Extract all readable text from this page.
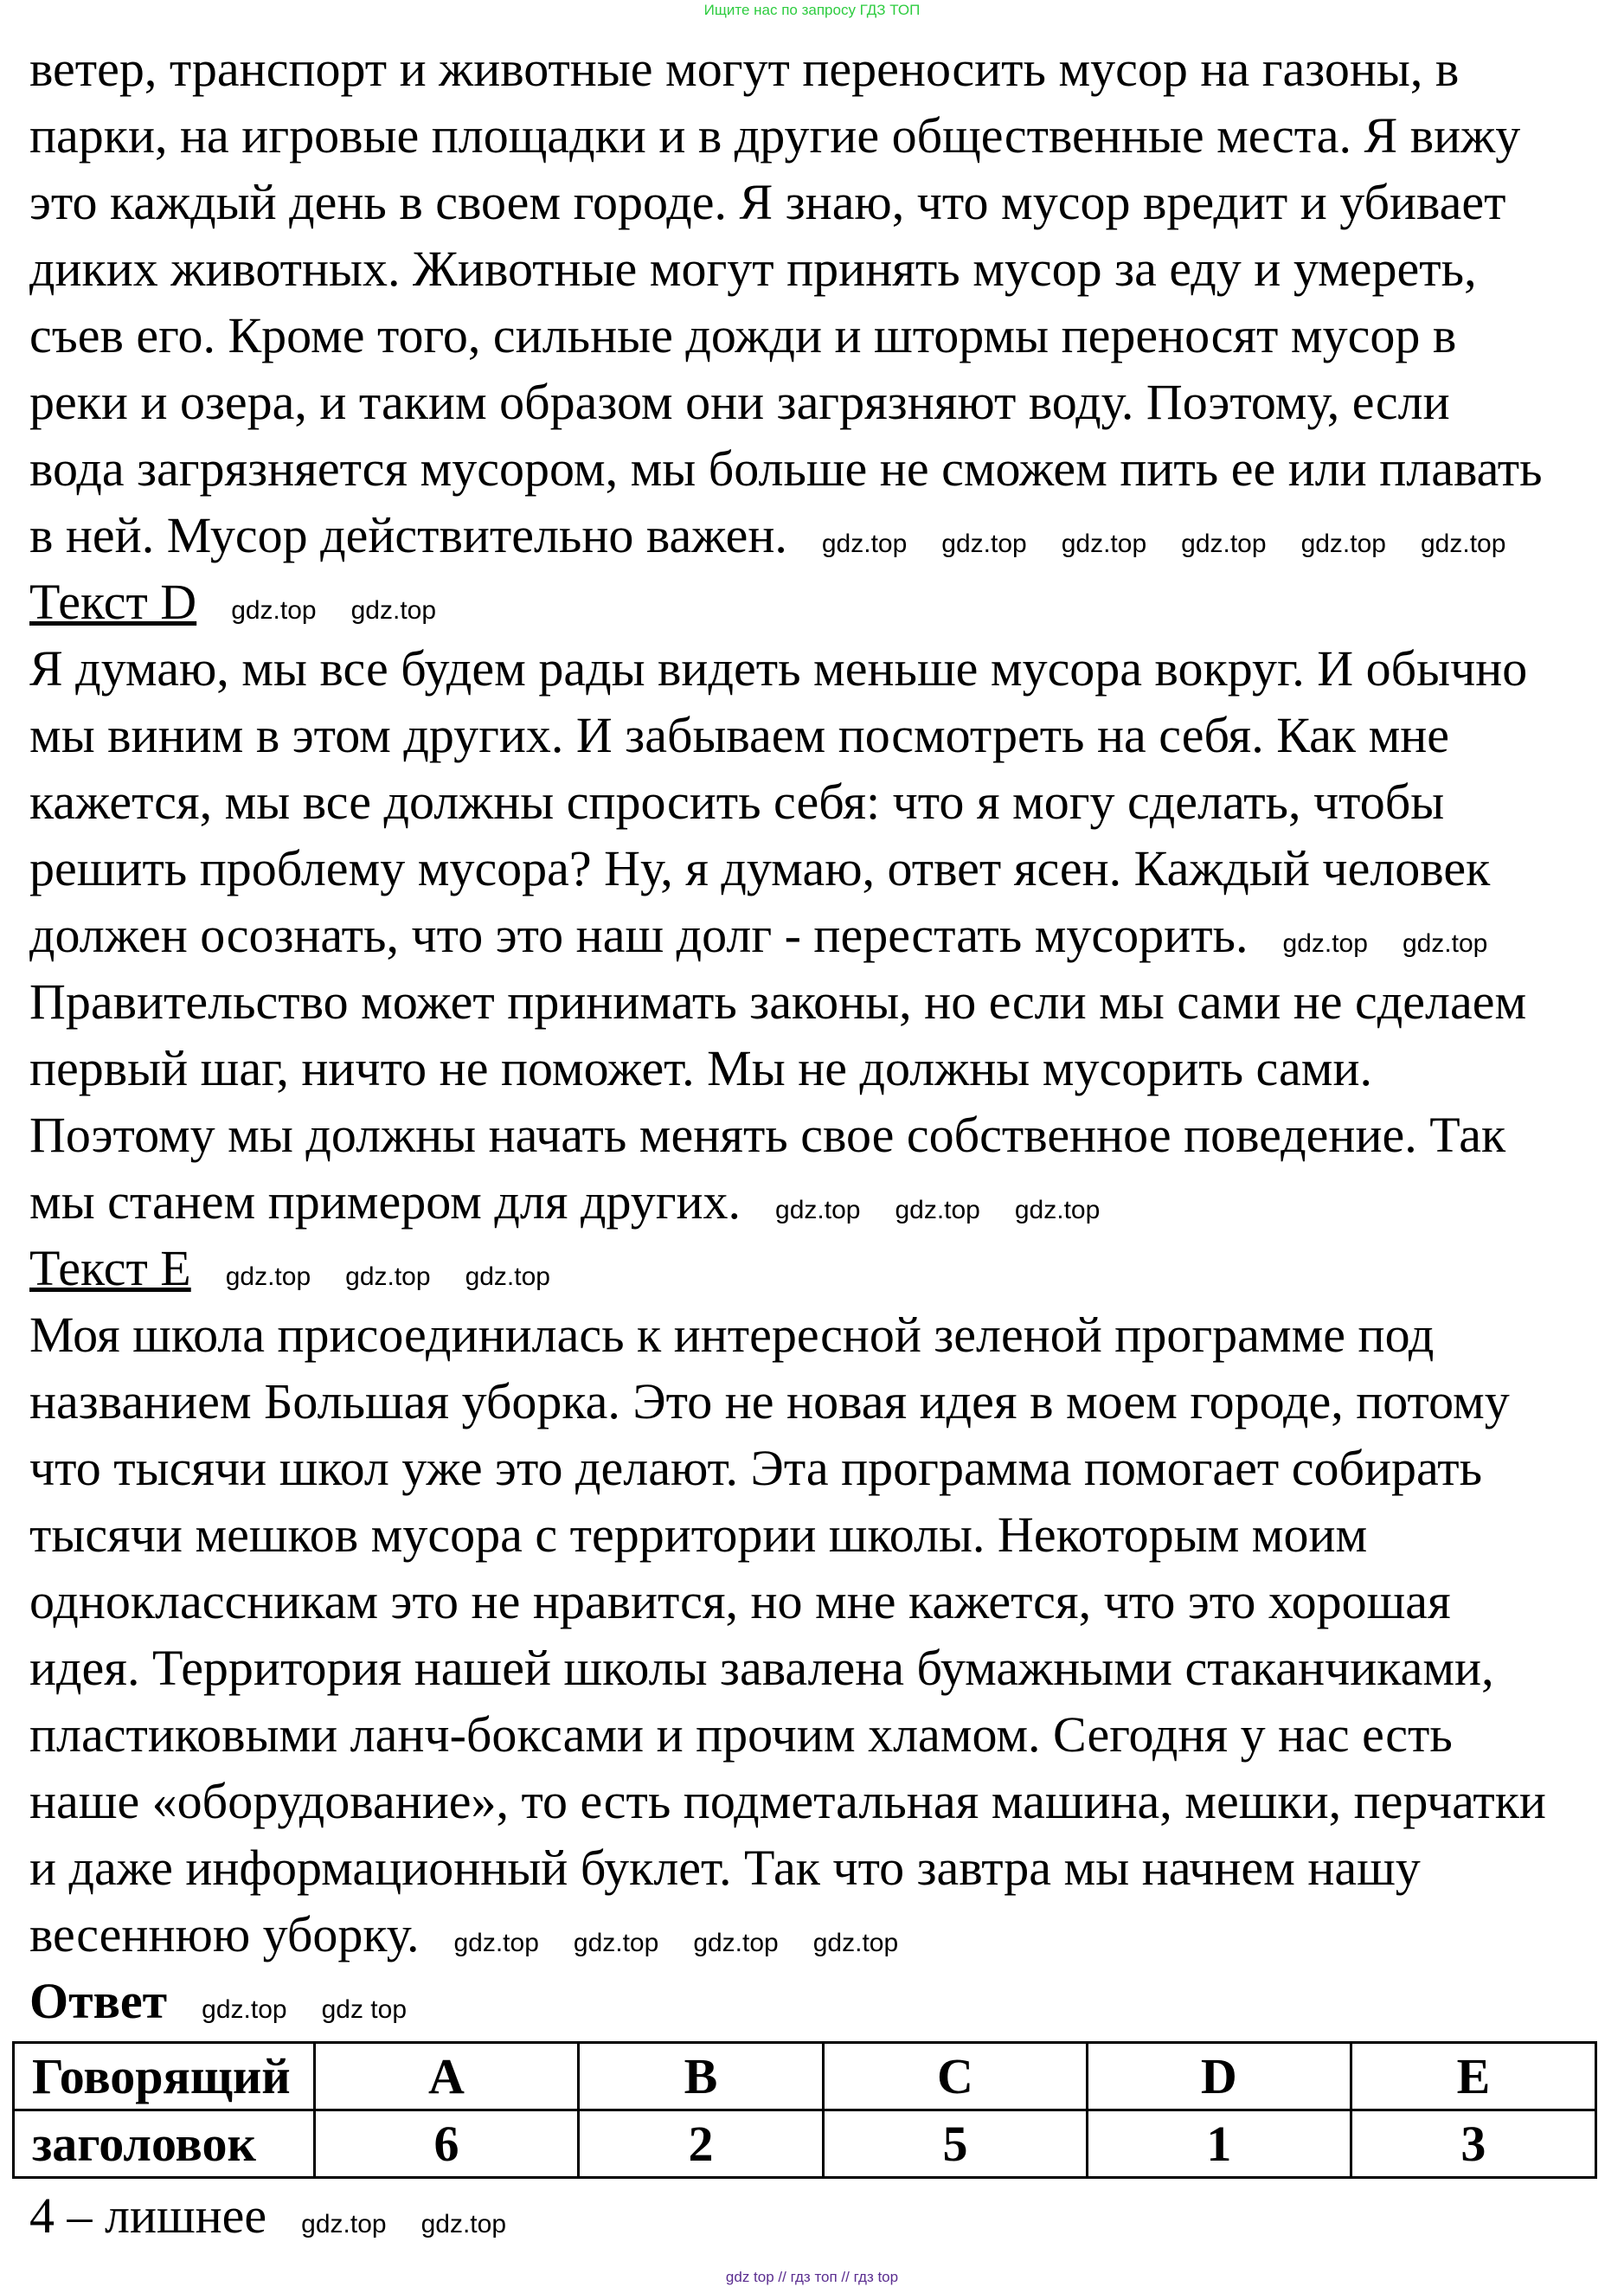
Ищите нас по запросу ГДЗ ТОП
ветер, транспорт и животные могут переносить мусор на газоны, в
парки, на игровые площадки и в другие общественные места. Я вижу
это каждый день в своем городе. Я знаю, что мусор вредит и убивает
диких животных. Животные могут принять мусор за еду и умереть,
съев его. Кроме того, сильные дожди и штормы переносят мусор в
реки и озера, и таким образом они загрязняют воду. Поэтому, если
вода загрязняется мусором, мы больше не сможем пить ее или плавать
в ней. Мусор действительно важен. gdz.top gdz.top gdz.top gdz.top gdz.top gdz.top
Текст D gdz.top gdz.top
Я думаю, мы все будем рады видеть меньше мусора вокруг. И обычно
мы виним в этом других. И забываем посмотреть на себя. Как мне
кажется, мы все должны спросить себя: что я могу сделать, чтобы
решить проблему мусора? Ну, я думаю, ответ ясен. Каждый человек
должен осознать, что это наш долг - перестать мусорить. gdz.top gdz.top
Правительство может принимать законы, но если мы сами не сделаем
первый шаг, ничто не поможет. Мы не должны мусорить сами.
Поэтому мы должны начать менять свое собственное поведение. Так
мы станем примером для других. gdz.top gdz.top gdz.top
Текст E gdz.top gdz.top gdz.top
Моя школа присоединилась к интересной зеленой программе под
названием Большая уборка. Это не новая идея в моем городе, потому
что тысячи школ уже это делают. Эта программа помогает собирать
тысячи мешков мусора с территории школы. Некоторым моим
одноклассникам это не нравится, но мне кажется, что это хорошая
идея. Территория нашей школы завалена бумажными стаканчиками,
пластиковыми ланч-боксами и прочим хламом. Сегодня у нас есть
наше «оборудование», то есть подметальная машина, мешки, перчатки
и даже информационный буклет. Так что завтра мы начнем нашу
весеннюю уборку. gdz.top gdz.top gdz.top gdz.top
Ответ gdz.top gdz top
Говорящий	A	B	C	D	E
заголовок	6	2	5	1	3
4 – лишнее gdz.top gdz.top
gdz top // гдз топ // гдз top
